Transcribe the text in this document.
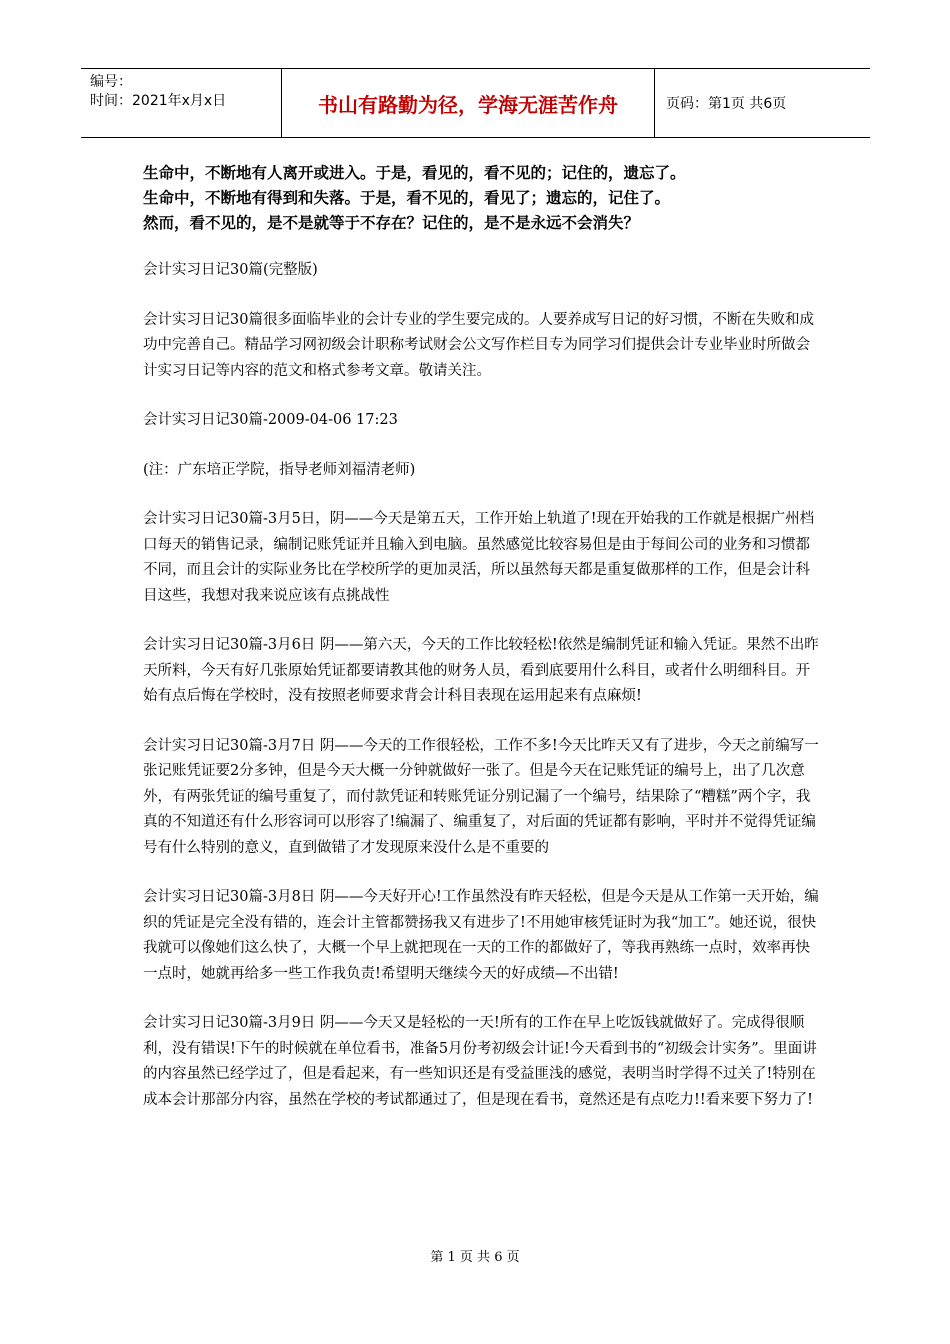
编号：
时间：2021年x月x日	书山有路勤为径，学海无涯苦作舟	页码：第1页 共6页
生命中，不断地有人离开或进入。于是，看见的，看不见的；记住的，遗忘了。
生命中，不断地有得到和失落。于是，看不见的，看见了；遗忘的，记住了。
然而，看不见的，是不是就等于不存在？记住的，是不是永远不会消失？

会计实习日记30篇(完整版)

会计实习日记30篇很多面临毕业的会计专业的学生要完成的。人要养成写日记的好习惯，不断在失败和成功中完善自己。精品学习网初级会计职称考试财会公文写作栏目专为同学习们提供会计专业毕业时所做会计实习日记等内容的范文和格式参考文章。敬请关注。

会计实习日记30篇-2009-04-06 17:23

(注：广东培正学院，指导老师刘福清老师)

会计实习日记30篇-3月5日，阴——今天是第五天，工作开始上轨道了!现在开始我的工作就是根据广州档口每天的销售记录，编制记账凭证并且输入到电脑。虽然感觉比较容易但是由于每间公司的业务和习惯都不同，而且会计的实际业务比在学校所学的更加灵活，所以虽然每天都是重复做那样的工作，但是会计科目这些，我想对我来说应该有点挑战性

会计实习日记30篇-3月6日 阴——第六天，今天的工作比较轻松!依然是编制凭证和输入凭证。果然不出昨天所料，今天有好几张原始凭证都要请教其他的财务人员，看到底要用什么科目，或者什么明细科目。开始有点后悔在学校时，没有按照老师要求背会计科目表现在运用起来有点麻烦!

会计实习日记30篇-3月7日 阴——今天的工作很轻松，工作不多!今天比昨天又有了进步，今天之前编写一张记账凭证要2分多钟，但是今天大概一分钟就做好一张了。但是今天在记账凭证的编号上，出了几次意外，有两张凭证的编号重复了，而付款凭证和转账凭证分别记漏了一个编号，结果除了“糟糕”两个字，我真的不知道还有什么形容词可以形容了!编漏了、编重复了，对后面的凭证都有影响，平时并不觉得凭证编号有什么特别的意义，直到做错了才发现原来没什么是不重要的

会计实习日记30篇-3月8日 阴——今天好开心!工作虽然没有昨天轻松，但是今天是从工作第一天开始，编织的凭证是完全没有错的，连会计主管都赞扬我又有进步了!不用她审核凭证时为我“加工”。她还说，很快我就可以像她们这么快了，大概一个早上就把现在一天的工作的都做好了，等我再熟练一点时，效率再快一点时，她就再给多一些工作我负责!希望明天继续今天的好成绩—不出错!

会计实习日记30篇-3月9日 阴——今天又是轻松的一天!所有的工作在早上吃饭钱就做好了。完成得很顺利，没有错误!下午的时候就在单位看书，准备5月份考初级会计证!今天看到书的“初级会计实务”。里面讲的内容虽然已经学过了，但是看起来，有一些知识还是有受益匪浅的感觉，表明当时学得不过关了!特别在成本会计那部分内容，虽然在学校的考试都通过了，但是现在看书，竟然还是有点吃力!!看来要下努力了!

第 1 页 共 6 页
